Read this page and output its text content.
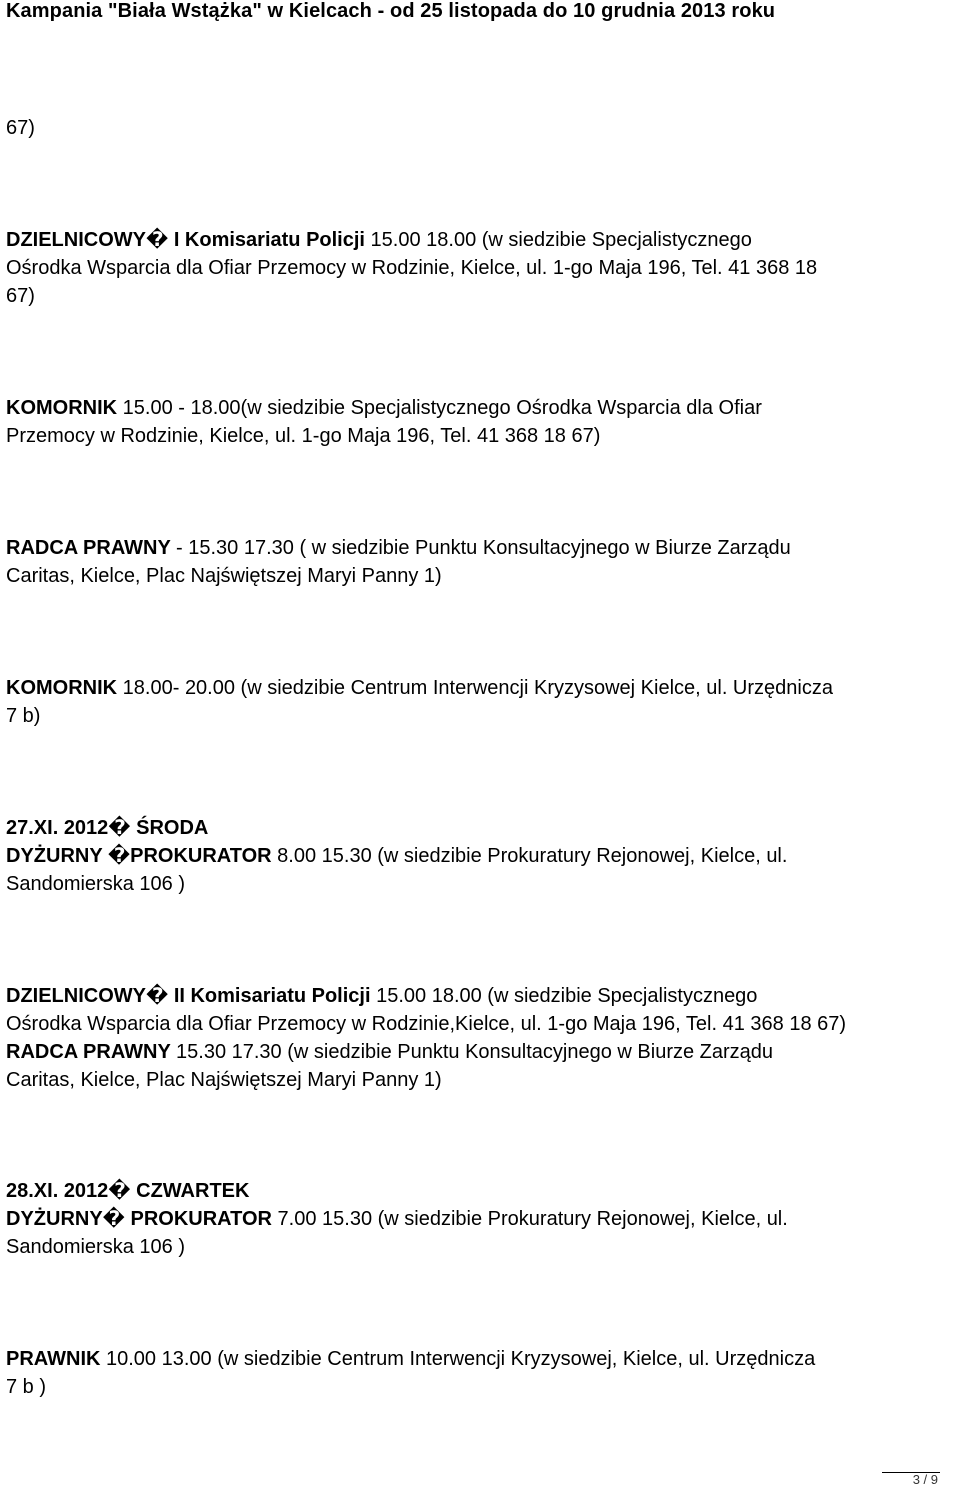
Kampania "Biała Wstążka" w Kielcach - od 25 listopada do 10 grudnia 2013 roku
67)
DZIELNICOWY� I Komisariatu Policji 15.00 18.00 (w siedzibie Specjalistycznego
Ośrodka Wsparcia dla Ofiar Przemocy w Rodzinie, Kielce, ul. 1-go Maja 196, Tel. 41 368 18
67)
KOMORNIK 15.00 - 18.00(w siedzibie Specjalistycznego Ośrodka Wsparcia dla Ofiar
Przemocy w Rodzinie, Kielce, ul. 1-go Maja 196, Tel. 41 368 18 67)
RADCA PRAWNY - 15.30 17.30 ( w siedzibie Punktu Konsultacyjnego w Biurze Zarządu
Caritas, Kielce, Plac Najświętszej Maryi Panny 1)
KOMORNIK 18.00- 20.00 (w siedzibie Centrum Interwencji Kryzysowej Kielce, ul. Urzędnicza
7 b)
27.XI. 2012� ŚRODA
DYŻURNY �PROKURATOR 8.00 15.30 (w siedzibie Prokuratury Rejonowej, Kielce, ul.
Sandomierska 106 )
DZIELNICOWY� II Komisariatu Policji 15.00 18.00 (w siedzibie Specjalistycznego
Ośrodka Wsparcia dla Ofiar Przemocy w Rodzinie,Kielce, ul. 1-go Maja 196, Tel. 41 368 18 67)
RADCA PRAWNY 15.30 17.30 (w siedzibie Punktu Konsultacyjnego w Biurze Zarządu
Caritas, Kielce, Plac Najświętszej Maryi Panny 1)
28.XI. 2012� CZWARTEK
DYŻURNY� PROKURATOR 7.00 15.30 (w siedzibie Prokuratury Rejonowej, Kielce, ul.
Sandomierska 106 )
PRAWNIK 10.00 13.00 (w siedzibie Centrum Interwencji Kryzysowej, Kielce, ul. Urzędnicza
7 b )
3 / 9
